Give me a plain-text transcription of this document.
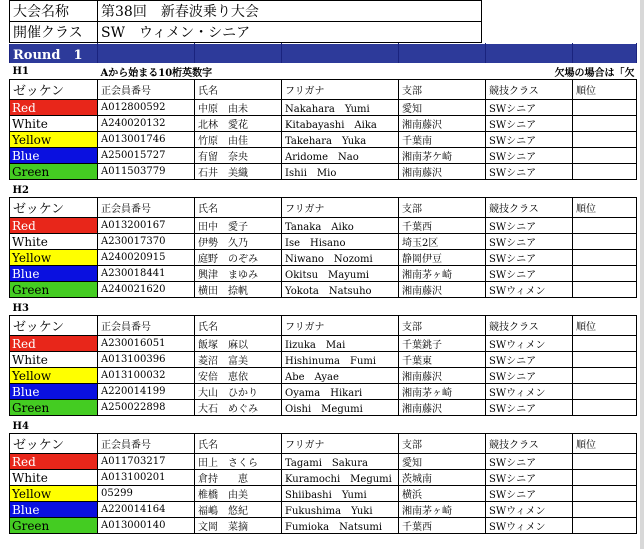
大会名称	第38回　新春波乗り大会	
開催クラス	SW　ウィメン・シニア	
Round　1						
H1	Aから始まる10桁英数字				欠場の場合は「欠	
ゼッケン	正会員番号	氏名	フリガナ	支部	競技クラス	順位
Red	A012800592	中原　由未	Nakahara　Yumi	愛知	SWシニア	
White	A240020132	北林　愛花	Kitabayashi　Aika	湘南藤沢	SWシニア	
Yellow	A013001746	竹原　由佳	Takehara　Yuka	千葉南	SWシニア	
Blue	A250015727	有留　奈央	Aridome　Nao	湘南茅ケ崎	SWシニア	
Green	A011503779	石井　美織	Ishii　Mio	湘南藤沢	SWシニア	

H2						
ゼッケン	正会員番号	氏名	フリガナ	支部	競技クラス	順位
Red	A013200167	田中　愛子	Tanaka　Aiko	千葉西	SWシニア	
White	A230017370	伊勢　久乃	Ise　Hisano	埼玉2区	SWシニア	
Yellow	A240020915	庭野　のぞみ	Niwano　Nozomi	静岡伊豆	SWシニア	
Blue	A230018441	興津　まゆみ	Okitsu　Mayumi	湘南茅ヶ崎	SWシニア	
Green	A240021620	横田　捺帆	Yokota　Natsuho	湘南藤沢	SWウィメン	

H3						
ゼッケン	正会員番号	氏名	フリガナ	支部	競技クラス	順位
Red	A230016051	飯塚　麻以	Iizuka　Mai	千葉銚子	SWウィメン	
White	A013100396	菱沼　富美	Hishinuma　Fumi	千葉東	SWシニア	
Yellow	A013100032	安倍　恵依	Abe　Ayae	湘南藤沢	SWシニア	
Blue	A220014199	大山　ひかり	Oyama　Hikari	湘南茅ヶ崎	SWウィメン	
Green	A250022898	大石　めぐみ	Oishi　Megumi	湘南藤沢	SWシニア	

H4						
ゼッケン	正会員番号	氏名	フリガナ	支部	競技クラス	順位
Red	A011703217	田上　さくら	Tagami　Sakura	愛知	SWシニア	
White	A013100201	倉持　　恵	Kuramochi　Megumi	茨城南	SWシニア	
Yellow	05299	椎橋　由美	Shiibashi　Yumi	横浜	SWシニア	
Blue	A220014164	福嶋　悠紀	Fukushima　Yuki	湘南茅ヶ崎	SWウィメン	
Green	A013000140	文岡　菜摘	Fumioka　Natsumi	千葉西	SWウィメン	
